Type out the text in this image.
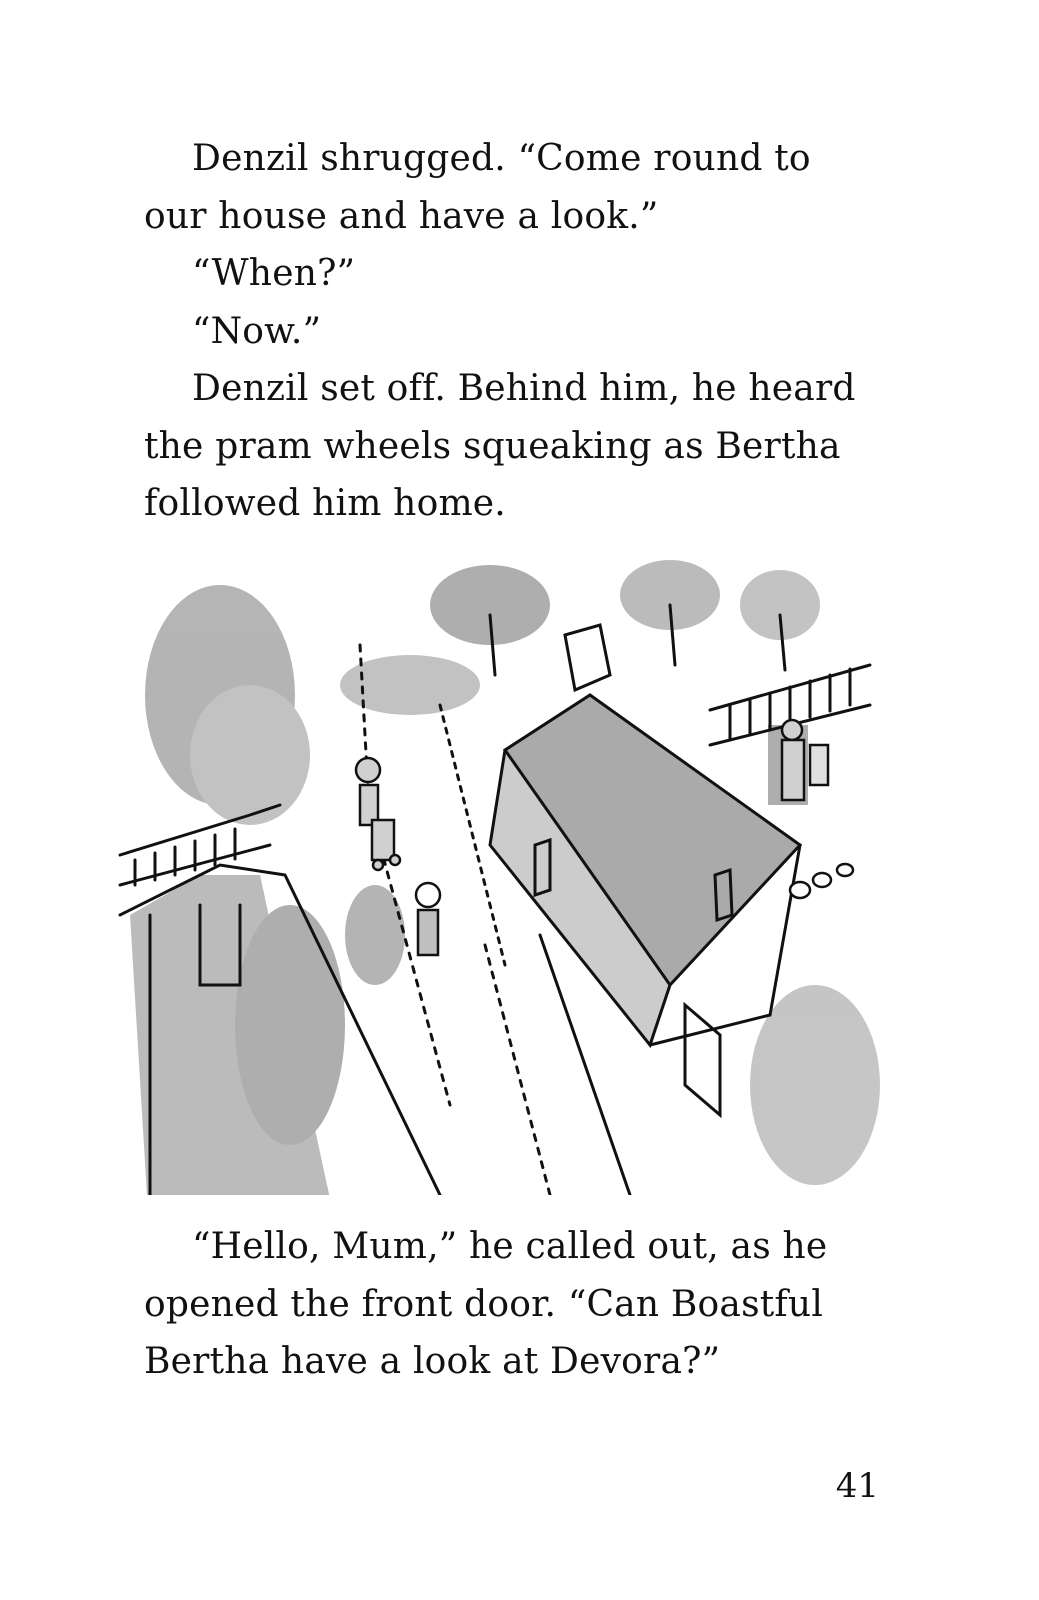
Denzil shrugged. “Come round to our house and have a look.”

“When?”

“Now.”

Denzil set off. Behind him, he heard the pram wheels squeaking as Bertha followed him home.

“Hello, Mum,” he called out, as he opened the front door. “Can Boastful Bertha have a look at Devora?”

41
